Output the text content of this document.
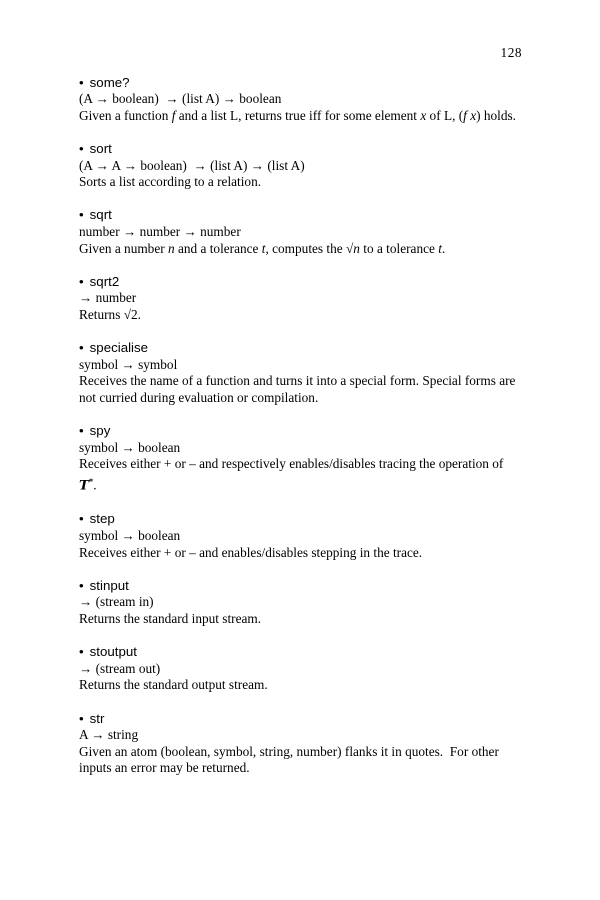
128
• some?
(A → boolean)  → (list A) → boolean
Given a function f and a list L, returns true iff for some element x of L, (f x) holds.
• sort
(A → A → boolean)  → (list A) → (list A)
Sorts a list according to a relation.
• sqrt
number → number → number
Given a number n and a tolerance t, computes the √n to a tolerance t.
• sqrt2
→ number
Returns √2.
• specialise
symbol → symbol
Receives the name of a function and turns it into a special form. Special forms are not curried during evaluation or compilation.
• spy
symbol → boolean
Receives either + or – and respectively enables/disables tracing the operation of T*.
• step
symbol → boolean
Receives either + or – and enables/disables stepping in the trace.
• stinput
→ (stream in)
Returns the standard input stream.
• stoutput
→ (stream out)
Returns the standard output stream.
• str
A → string
Given an atom (boolean, symbol, string, number) flanks it in quotes.  For other inputs an error may be returned.
